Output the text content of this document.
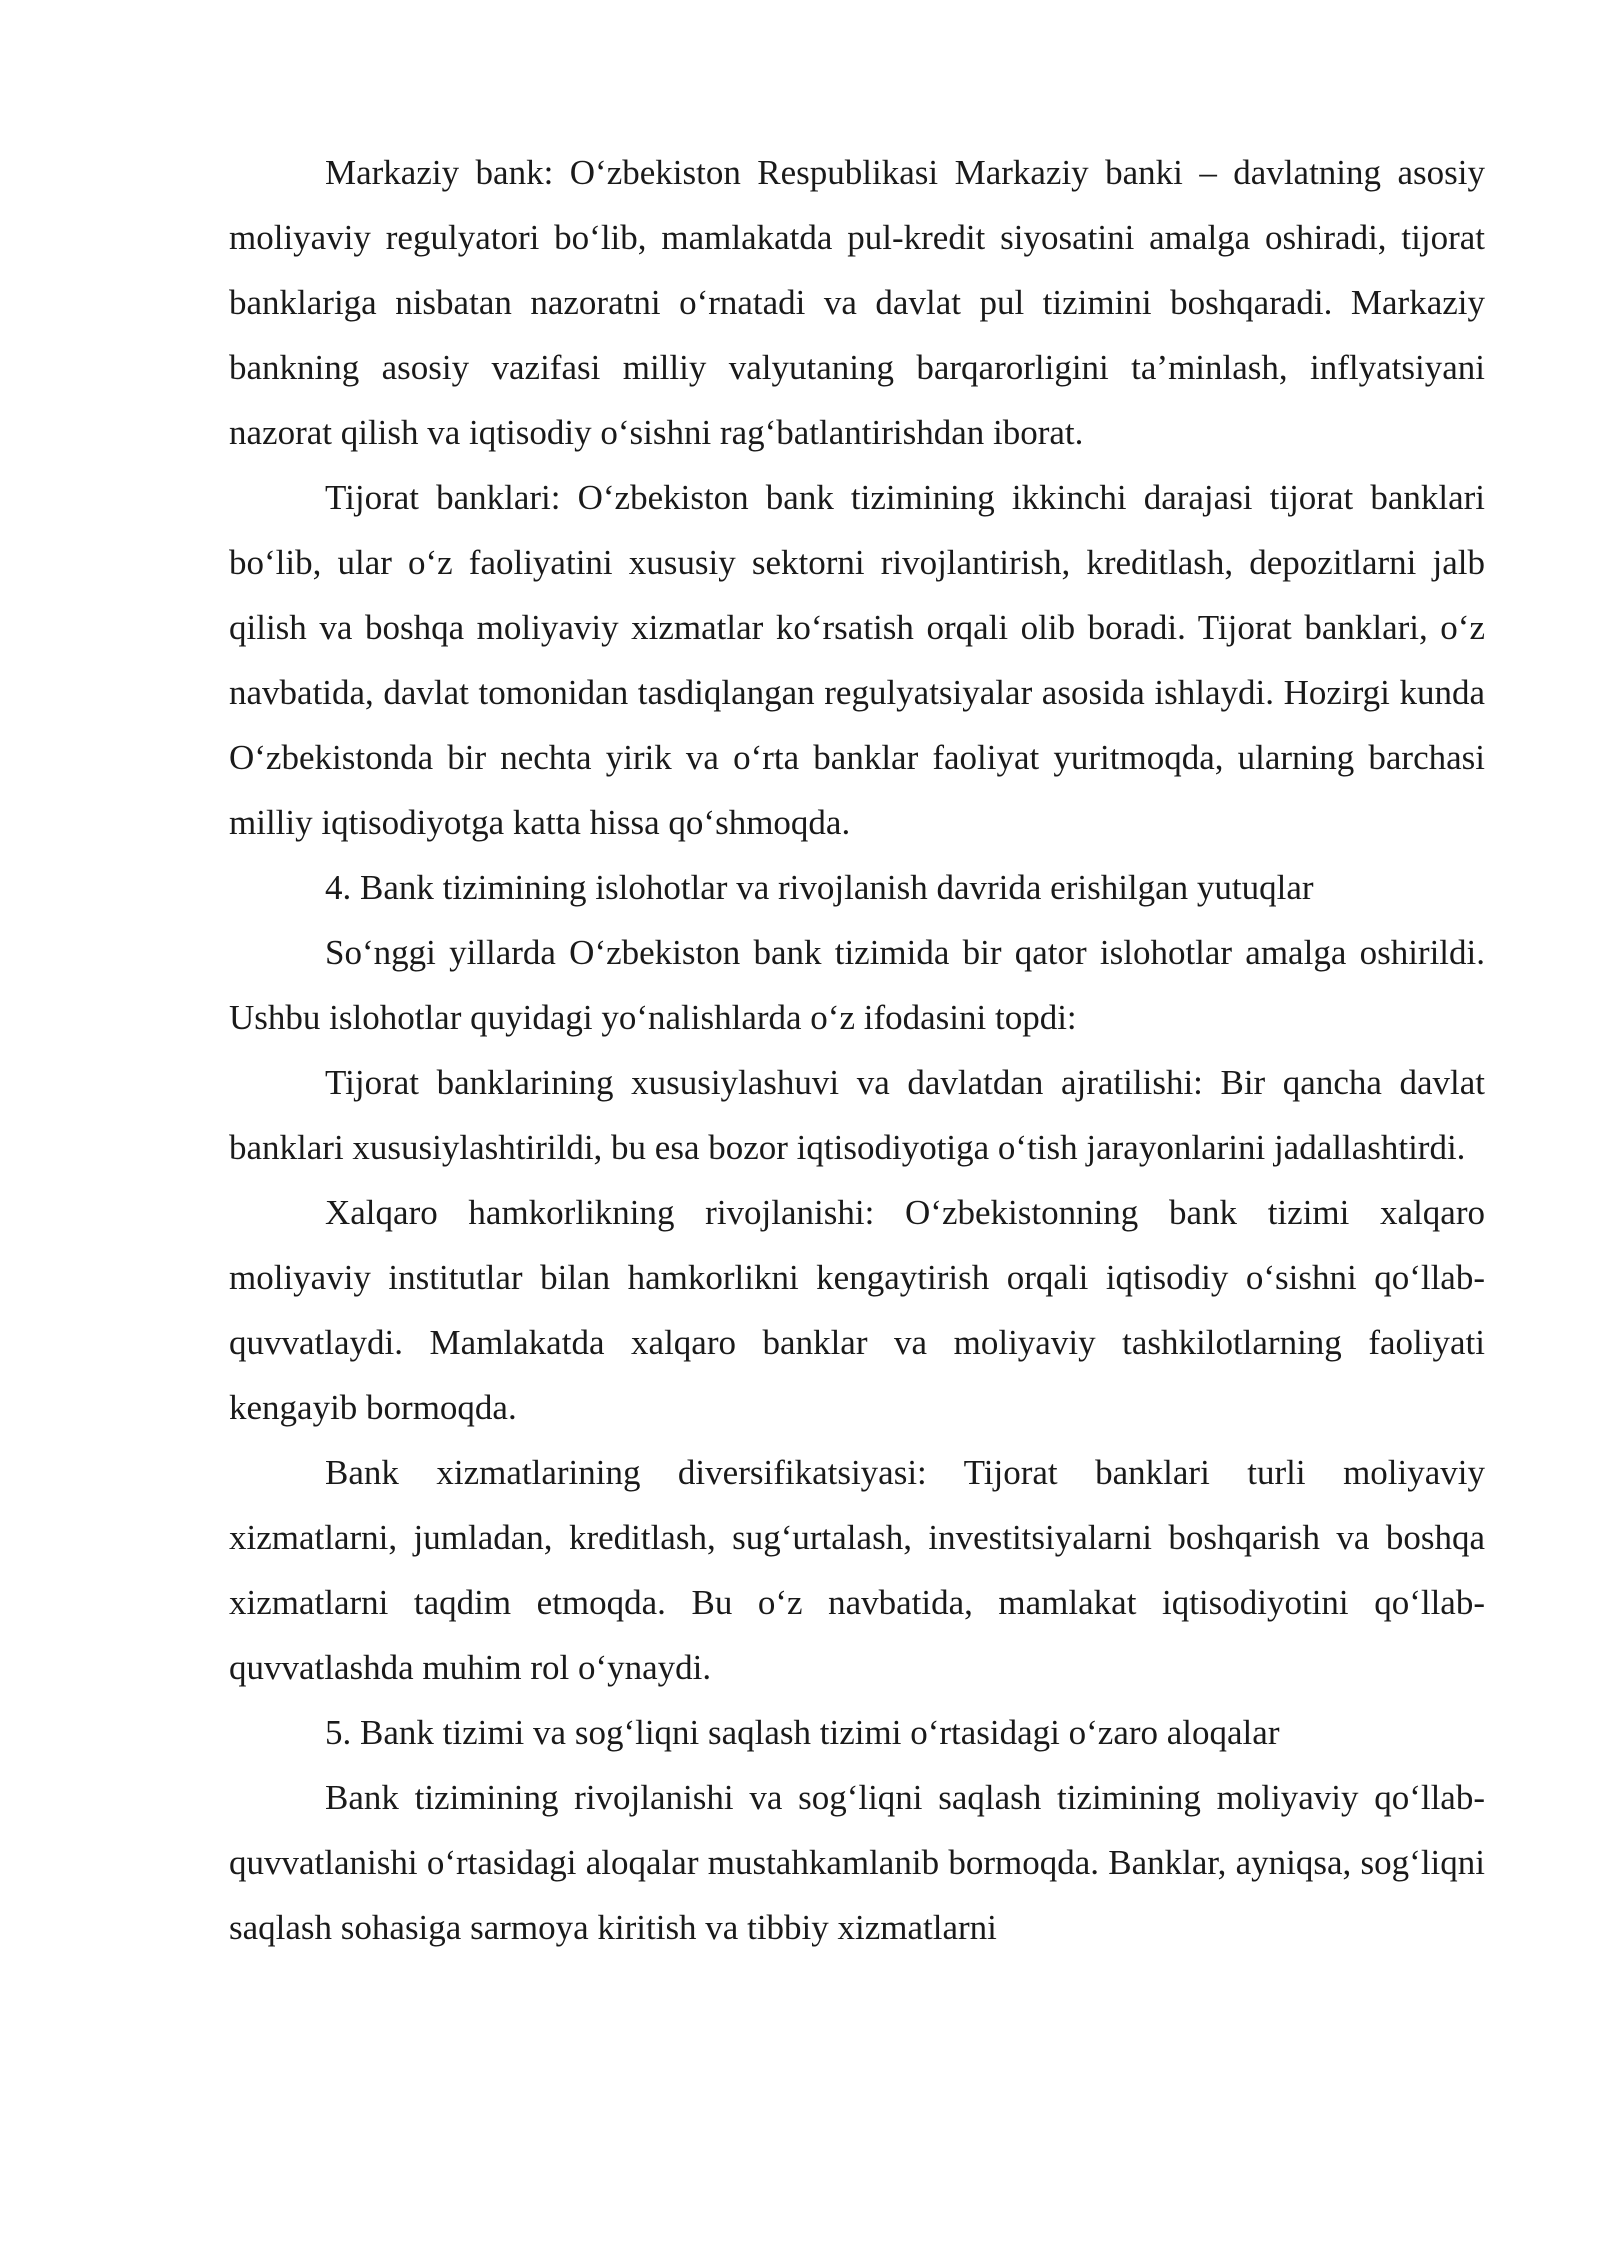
Markaziy bank: O‘zbekiston Respublikasi Markaziy banki – davlatning asosiy moliyaviy regulyatori bo‘lib, mamlakatda pul-kredit siyosatini amalga oshiradi, tijorat banklariga nisbatan nazoratni o‘rnatadi va davlat pul tizimini boshqaradi. Markaziy bankning asosiy vazifasi milliy valyutaning barqarorligini ta’minlash, inflyatsiyani nazorat qilish va iqtisodiy o‘sishni rag‘batlantirishdan iborat.

Tijorat banklari: O‘zbekiston bank tizimining ikkinchi darajasi tijorat banklari bo‘lib, ular o‘z faoliyatini xususiy sektorni rivojlantirish, kreditlash, depozitlarni jalb qilish va boshqa moliyaviy xizmatlar ko‘rsatish orqali olib boradi. Tijorat banklari, o‘z navbatida, davlat tomonidan tasdiqlangan regulyatsiyalar asosida ishlaydi. Hozirgi kunda O‘zbekistonda bir nechta yirik va o‘rta banklar faoliyat yuritmoqda, ularning barchasi milliy iqtisodiyotga katta hissa qo‘shmoqda.

4. Bank tizimining islohotlar va rivojlanish davrida erishilgan yutuqlar

So‘nggi yillarda O‘zbekiston bank tizimida bir qator islohotlar amalga oshirildi. Ushbu islohotlar quyidagi yo‘nalishlarda o‘z ifodasini topdi:

Tijorat banklarining xususiylashuvi va davlatdan ajratilishi: Bir qancha davlat banklari xususiylashtirildi, bu esa bozor iqtisodiyotiga o‘tish jarayonlarini jadallashtirdi.

Xalqaro hamkorlikning rivojlanishi: O‘zbekistonning bank tizimi xalqaro moliyaviy institutlar bilan hamkorlikni kengaytirish orqali iqtisodiy o‘sishni qo‘llab-quvvatlaydi. Mamlakatda xalqaro banklar va moliyaviy tashkilotlarning faoliyati kengayib bormoqda.

Bank xizmatlarining diversifikatsiyasi: Tijorat banklari turli moliyaviy xizmatlarni, jumladan, kreditlash, sug‘urtalash, investitsiyalarni boshqarish va boshqa xizmatlarni taqdim etmoqda. Bu o‘z navbatida, mamlakat iqtisodiyotini qo‘llab-quvvatlashda muhim rol o‘ynaydi.

5. Bank tizimi va sog‘liqni saqlash tizimi o‘rtasidagi o‘zaro aloqalar

Bank tizimining rivojlanishi va sog‘liqni saqlash tizimining moliyaviy qo‘llab-quvvatlanishi o‘rtasidagi aloqalar mustahkamlanib bormoqda. Banklar, ayniqsa, sog‘liqni saqlash sohasiga sarmoya kiritish va tibbiy xizmatlarni
